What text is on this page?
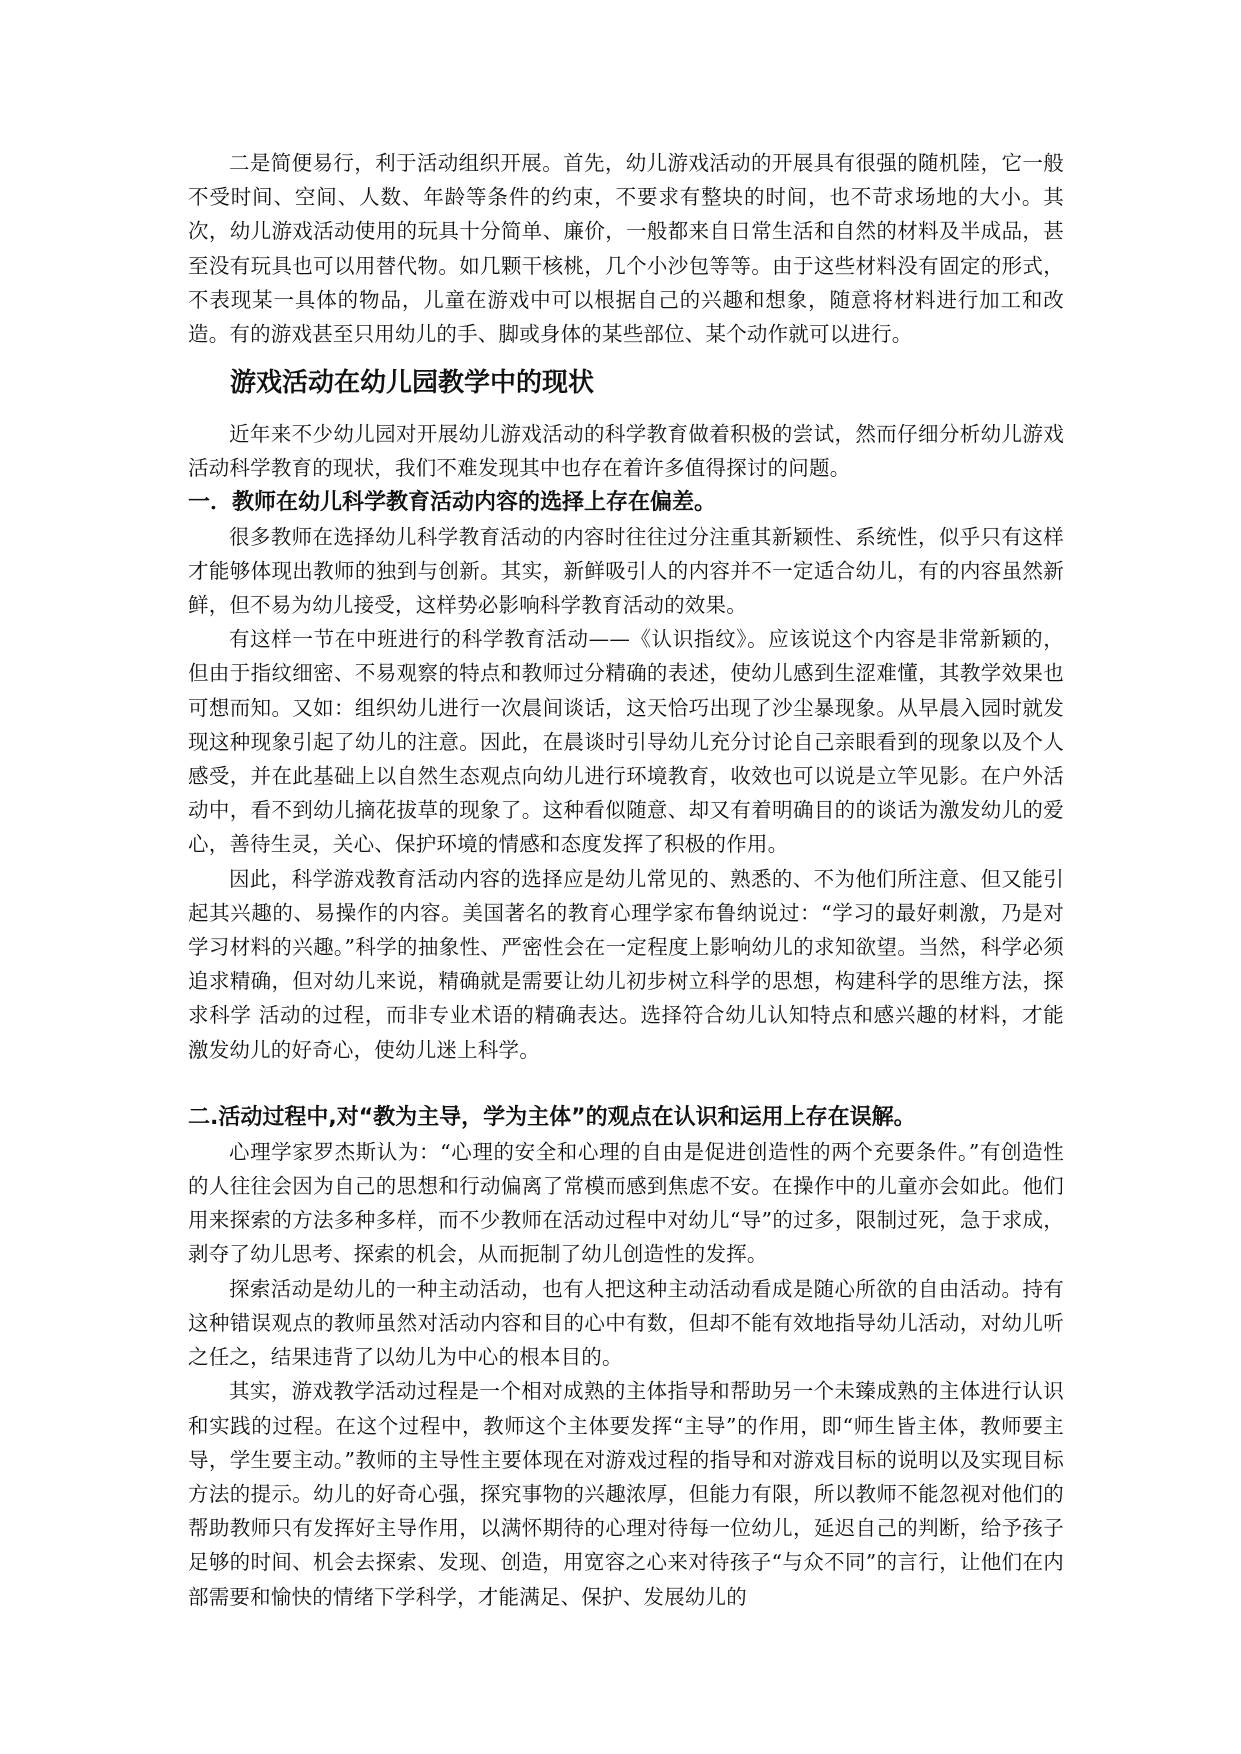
二是简便易行，利于活动组织开展。首先，幼儿游戏活动的开展具有很强的随机陸，它一般不受时间、空间、人数、年龄等条件的约束，不要求有整块的时间，也不苛求场地的大小。其次，幼儿游戏活动使用的玩具十分简单、廉价，一般都来自日常生活和自然的材料及半成品，甚至没有玩具也可以用替代物。如几颗干核桃，几个小沙包等等。由于这些材料没有固定的形式，不表现某一具体的物品，儿童在游戏中可以根据自己的兴趣和想象，随意将材料进行加工和改造。有的游戏甚至只用幼儿的手、脚或身体的某些部位、某个动作就可以进行。

游戏活动在幼儿园教学中的现状

近年来不少幼儿园对开展幼儿游戏活动的科学教育做着积极的尝试，然而仔细分析幼儿游戏活动科学教育的现状，我们不难发现其中也存在着许多值得探讨的问题。

一．教师在幼儿科学教育活动内容的选择上存在偏差。

很多教师在选择幼儿科学教育活动的内容时往往过分注重其新颖性、系统性，似乎只有这样才能够体现出教师的独到与创新。其实，新鲜吸引人的内容并不一定适合幼儿，有的内容虽然新鲜，但不易为幼儿接受，这样势必影响科学教育活动的效果。

有这样一节在中班进行的科学教育活动——《认识指纹》。应该说这个内容是非常新颖的，但由于指纹细密、不易观察的特点和教师过分精确的表述，使幼儿感到生涩难懂，其教学效果也可想而知。又如：组织幼儿进行一次晨间谈话，这天恰巧出现了沙尘暴现象。从早晨入园时就发现这种现象引起了幼儿的注意。因此，在晨谈时引导幼儿充分讨论自己亲眼看到的现象以及个人感受，并在此基础上以自然生态观点向幼儿进行环境教育，收效也可以说是立竿见影。在户外活动中，看不到幼儿摘花拔草的现象了。这种看似随意、却又有着明确目的的谈话为激发幼儿的爱心，善待生灵，关心、保护环境的情感和态度发挥了积极的作用。

因此，科学游戏教育活动内容的选择应是幼儿常见的、熟悉的、不为他们所注意、但又能引起其兴趣的、易操作的内容。美国著名的教育心理学家布鲁纳说过：“学习的最好刺激，乃是对学习材料的兴趣。”科学的抽象性、严密性会在一定程度上影响幼儿的求知欲望。当然，科学必须追求精确，但对幼儿来说，精确就是需要让幼儿初步树立科学的思想，构建科学的思维方法，探求科学 活动的过程，而非专业术语的精确表达。选择符合幼儿认知特点和感兴趣的材料，才能激发幼儿的好奇心，使幼儿迷上科学。

二.活动过程中,对“教为主导，学为主体”的观点在认识和运用上存在误解。

心理学家罗杰斯认为：“心理的安全和心理的自由是促进创造性的两个充要条件。”有创造性的人往往会因为自己的思想和行动偏离了常模而感到焦虑不安。在操作中的儿童亦会如此。他们用来探索的方法多种多样，而不少教师在活动过程中对幼儿“导”的过多，限制过死，急于求成，剥夺了幼儿思考、探索的机会，从而扼制了幼儿创造性的发挥。

探索活动是幼儿的一种主动活动，也有人把这种主动活动看成是随心所欲的自由活动。持有这种错误观点的教师虽然对活动内容和目的心中有数，但却不能有效地指导幼儿活动，对幼儿听之任之，结果违背了以幼儿为中心的根本目的。

其实，游戏教学活动过程是一个相对成熟的主体指导和帮助另一个未臻成熟的主体进行认识和实践的过程。在这个过程中，教师这个主体要发挥“主导”的作用，即“师生皆主体，教师要主导，学生要主动。”教师的主导性主要体现在对游戏过程的指导和对游戏目标的说明以及实现目标方法的提示。幼儿的好奇心强，探究事物的兴趣浓厚，但能力有限，所以教师不能忽视对他们的帮助教师只有发挥好主导作用，以满怀期待的心理对待每一位幼儿，延迟自己的判断，给予孩子足够的时间、机会去探索、发现、创造，用宽容之心来对待孩子“与众不同”的言行，让他们在内部需要和愉快的情绪下学科学，才能满足、保护、发展幼儿的
